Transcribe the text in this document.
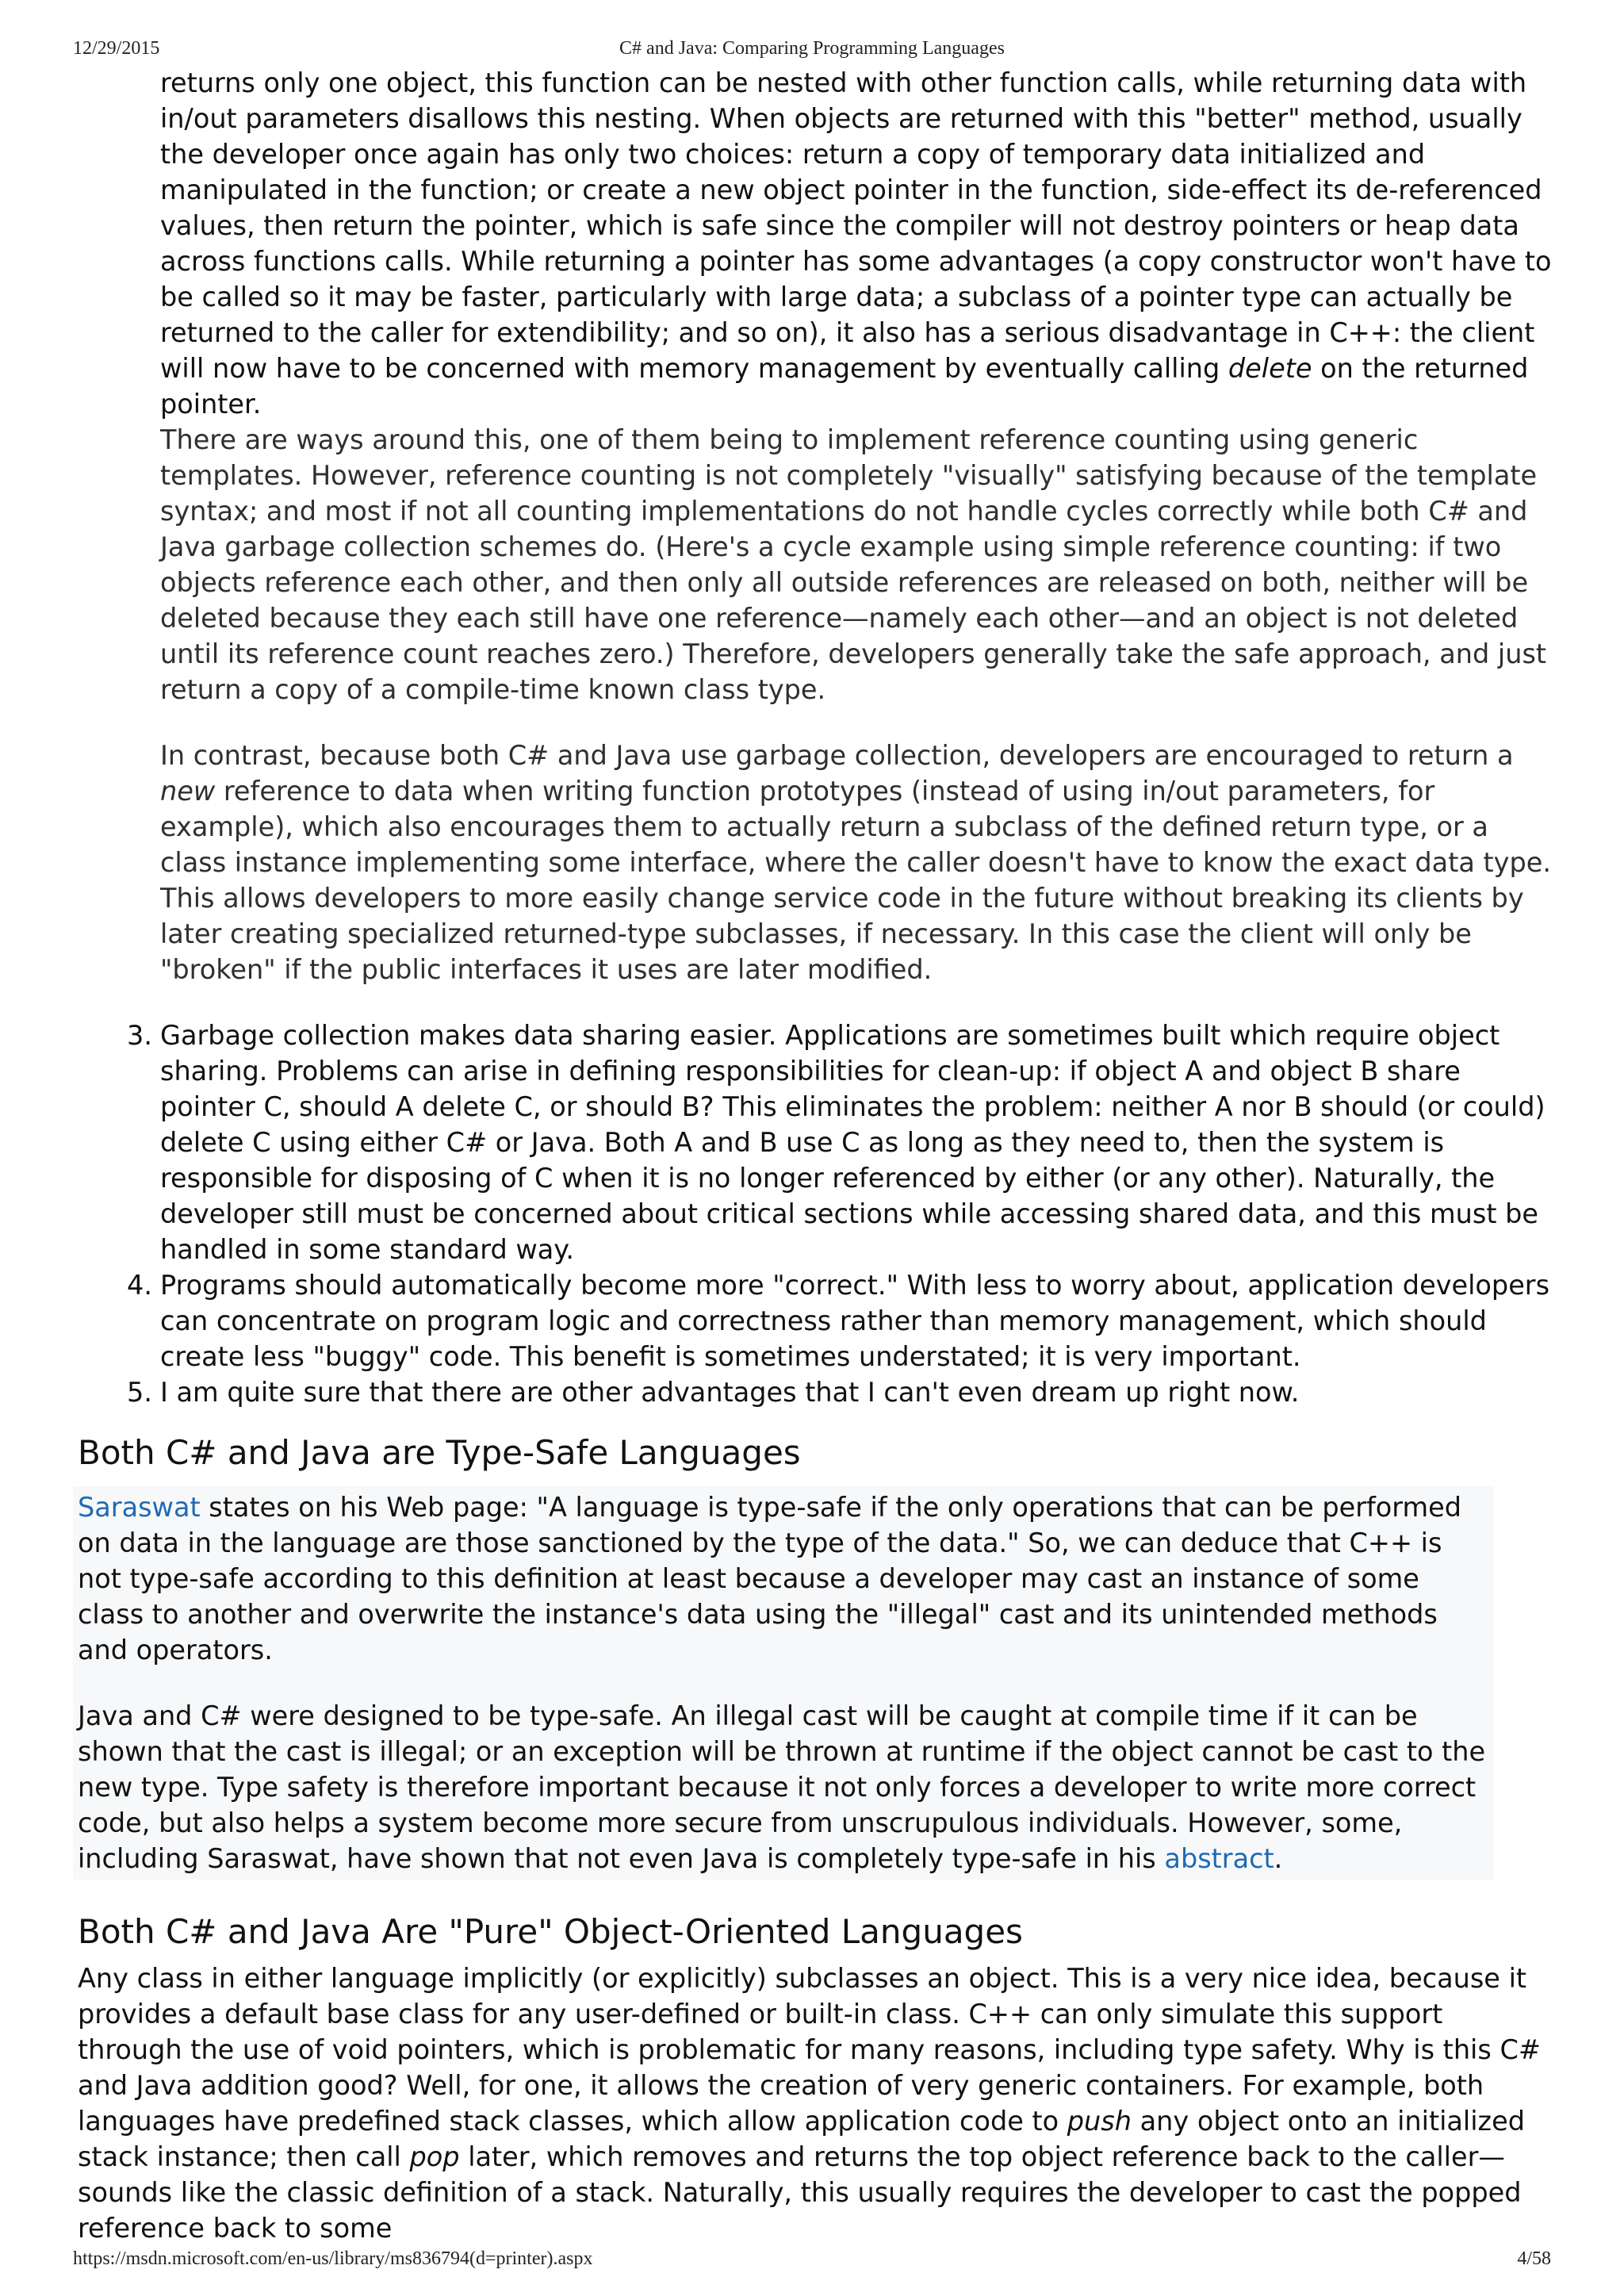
12/29/2015	C# and Java: Comparing Programming Languages

returns only one object, this function can be nested with other function calls, while returning data with in/out parameters disallows this nesting. When objects are returned with this "better" method, usually the developer once again has only two choices: return a copy of temporary data initialized and manipulated in the function; or create a new object pointer in the function, side-effect its de-referenced values, then return the pointer, which is safe since the compiler will not destroy pointers or heap data across functions calls. While returning a pointer has some advantages (a copy constructor won't have to be called so it may be faster, particularly with large data; a subclass of a pointer type can actually be returned to the caller for extendibility; and so on), it also has a serious disadvantage in C++: the client will now have to be concerned with memory management by eventually calling delete on the returned pointer.

There are ways around this, one of them being to implement reference counting using generic templates. However, reference counting is not completely "visually" satisfying because of the template syntax; and most if not all counting implementations do not handle cycles correctly while both C# and Java garbage collection schemes do. (Here's a cycle example using simple reference counting: if two objects reference each other, and then only all outside references are released on both, neither will be deleted because they each still have one reference—namely each other—and an object is not deleted until its reference count reaches zero.) Therefore, developers generally take the safe approach, and just return a copy of a compile-time known class type.

In contrast, because both C# and Java use garbage collection, developers are encouraged to return a new reference to data when writing function prototypes (instead of using in/out parameters, for example), which also encourages them to actually return a subclass of the defined return type, or a class instance implementing some interface, where the caller doesn't have to know the exact data type. This allows developers to more easily change service code in the future without breaking its clients by later creating specialized returned-type subclasses, if necessary. In this case the client will only be "broken" if the public interfaces it uses are later modified.

3. Garbage collection makes data sharing easier. Applications are sometimes built which require object sharing. Problems can arise in defining responsibilities for clean-up: if object A and object B share pointer C, should A delete C, or should B? This eliminates the problem: neither A nor B should (or could) delete C using either C# or Java. Both A and B use C as long as they need to, then the system is responsible for disposing of C when it is no longer referenced by either (or any other). Naturally, the developer still must be concerned about critical sections while accessing shared data, and this must be handled in some standard way.
4. Programs should automatically become more "correct." With less to worry about, application developers can concentrate on program logic and correctness rather than memory management, which should create less "buggy" code. This benefit is sometimes understated; it is very important.
5. I am quite sure that there are other advantages that I can't even dream up right now.
Both C# and Java are Type-Safe Languages

Saraswat states on his Web page: "A language is type-safe if the only operations that can be performed on data in the language are those sanctioned by the type of the data." So, we can deduce that C++ is not type-safe according to this definition at least because a developer may cast an instance of some class to another and overwrite the instance's data using the "illegal" cast and its unintended methods and operators.

Java and C# were designed to be type-safe. An illegal cast will be caught at compile time if it can be shown that the cast is illegal; or an exception will be thrown at runtime if the object cannot be cast to the new type. Type safety is therefore important because it not only forces a developer to write more correct code, but also helps a system become more secure from unscrupulous individuals. However, some, including Saraswat, have shown that not even Java is completely type-safe in his abstract.

Both C# and Java Are "Pure" Object-Oriented Languages

Any class in either language implicitly (or explicitly) subclasses an object. This is a very nice idea, because it provides a default base class for any user-defined or built-in class. C++ can only simulate this support through the use of void pointers, which is problematic for many reasons, including type safety. Why is this C# and Java addition good? Well, for one, it allows the creation of very generic containers. For example, both languages have predefined stack classes, which allow application code to push any object onto an initialized stack instance; then call pop later, which removes and returns the top object reference back to the caller—sounds like the classic definition of a stack. Naturally, this usually requires the developer to cast the popped reference back to some

https://msdn.microsoft.com/en-us/library/ms836794(d=printer).aspx	4/58
